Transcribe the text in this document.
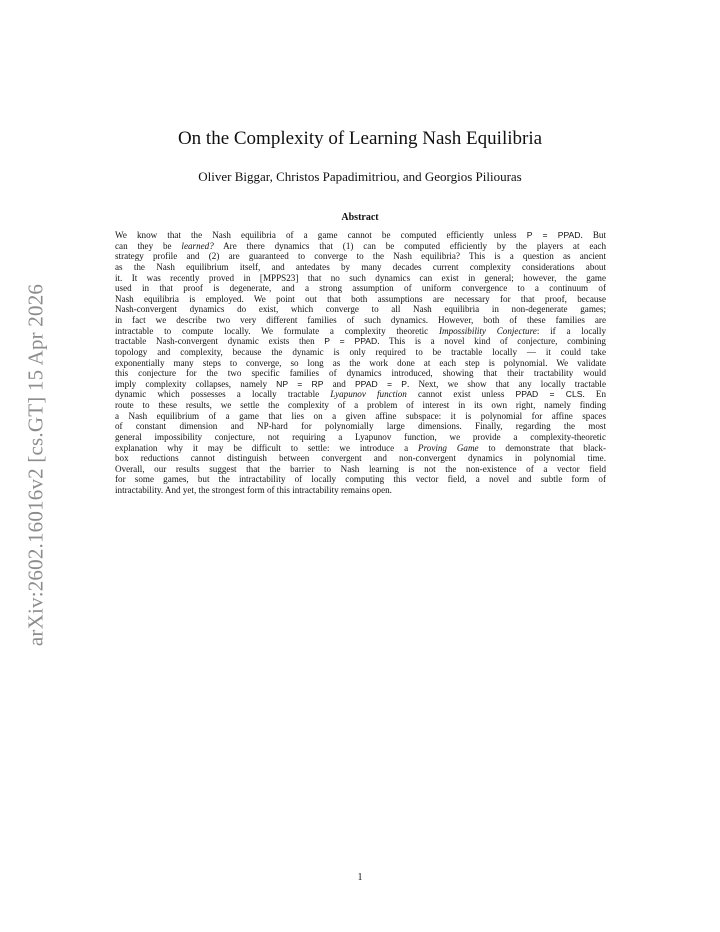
arXiv:2602.16016v2 [cs.GT] 15 Apr 2026
On the Complexity of Learning Nash Equilibria
Oliver Biggar, Christos Papadimitriou, and Georgios Piliouras
Abstract
We know that the Nash equilibria of a game cannot be computed efficiently unless P = PPAD. But
can they be learned? Are there dynamics that (1) can be computed efficiently by the players at each
strategy profile and (2) are guaranteed to converge to the Nash equilibria? This is a question as ancient
as the Nash equilibrium itself, and antedates by many decades current complexity considerations about
it. It was recently proved in [MPPS23] that no such dynamics can exist in general; however, the game
used in that proof is degenerate, and a strong assumption of uniform convergence to a continuum of
Nash equilibria is employed. We point out that both assumptions are necessary for that proof, because
Nash-convergent dynamics do exist, which converge to all Nash equilibria in non-degenerate games;
in fact we describe two very different families of such dynamics. However, both of these families are
intractable to compute locally. We formulate a complexity theoretic Impossibility Conjecture: if a locally
tractable Nash-convergent dynamic exists then P = PPAD. This is a novel kind of conjecture, combining
topology and complexity, because the dynamic is only required to be tractable locally — it could take
exponentially many steps to converge, so long as the work done at each step is polynomial. We validate
this conjecture for the two specific families of dynamics introduced, showing that their tractability would
imply complexity collapses, namely NP = RP and PPAD = P. Next, we show that any locally tractable
dynamic which possesses a locally tractable Lyapunov function cannot exist unless PPAD = CLS. En
route to these results, we settle the complexity of a problem of interest in its own right, namely finding
a Nash equilibrium of a game that lies on a given affine subspace: it is polynomial for affine spaces
of constant dimension and NP-hard for polynomially large dimensions. Finally, regarding the most
general impossibility conjecture, not requiring a Lyapunov function, we provide a complexity-theoretic
explanation why it may be difficult to settle: we introduce a Proving Game to demonstrate that black-
box reductions cannot distinguish between convergent and non-convergent dynamics in polynomial time.
Overall, our results suggest that the barrier to Nash learning is not the non-existence of a vector field
for some games, but the intractability of locally computing this vector field, a novel and subtle form of
intractability. And yet, the strongest form of this intractability remains open.
1
